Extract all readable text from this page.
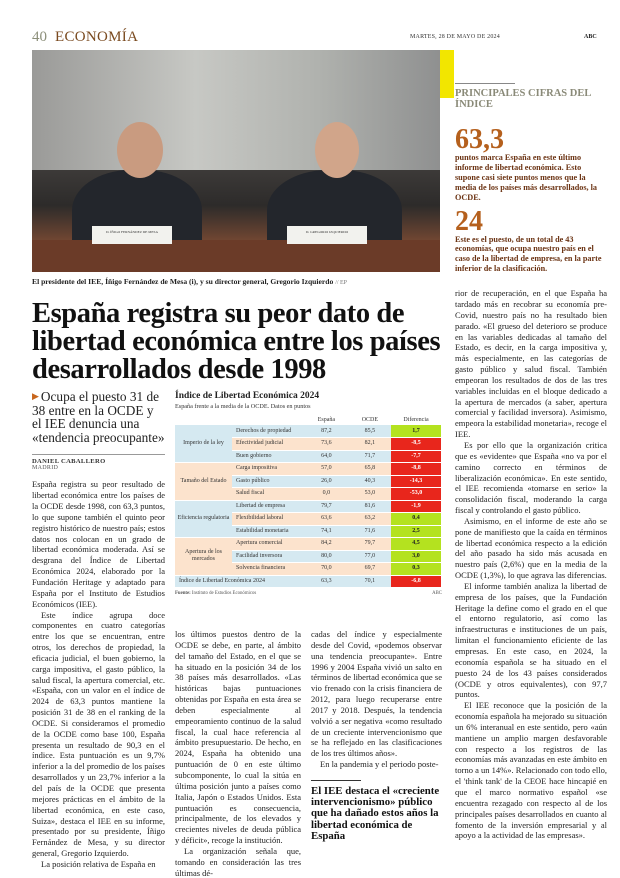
40 ECONOMÍA	MARTES, 28 DE MAYO DE 2024	ABC
D. ÍÑIGO FERNÁNDEZ DE MESA	D. GREGORIO IZQUIERDO
El presidente del IEE, Íñigo Fernández de Mesa (i), y su director general, Gregorio Izquierdo // EP
PRINCIPALES CIFRAS DEL ÍNDICE
63,3
puntos marca España en este último informe de libertad económica. Esto supone casi siete puntos menos que la media de los países más desarrollados, la OCDE.
24
Este es el puesto, de un total de 43 economías, que ocupa nuestro país en el caso de la libertad de empresa, en la parte inferior de la clasificación.

rior de recuperación, en el que España ha tardado más en recobrar su economía pre-Covid, nuestro país no ha resultado bien parado. «El grueso del deterioro se produce en las variables dedicadas al tamaño del Estado, es decir, en la carga impositiva y, más especialmente, en las categorías de gasto público y salud fiscal. También empeoran los resultados de dos de las tres variables incluidas en el bloque dedicado a la apertura de mercados (a saber, apertura comercial y facilidad inversora). Asimismo, empeora la estabilidad monetaria», recoge el IEE.

Es por ello que la organización critica que es «evidente» que España «no va por el camino correcto en términos de liberalización económica». En este sentido, el IEE recomienda «tomarse en serio» la consolidación fiscal, moderando la carga fiscal y controlando el gasto público.

Asimismo, en el informe de este año se pone de manifiesto que la caída en términos de libertad económica respecto a la edición del año pasado ha sido más acusada en nuestro país (2,6%) que en la media de la OCDE (1,3%), lo que agrava las diferencias.

El informe también analiza la libertad de empresa de los países, que la Fundación Heritage la define como el grado en el que el entorno regulatorio, así como las infraestructuras e instituciones de un país, limitan el funcionamiento eficiente de las empresas. En este caso, en 2024, la economía española se ha situado en el puesto 24 de los 43 países considerados (OCDE y otros equivalentes), con 97,7 puntos.

El IEE reconoce que la posición de la economía española ha mejorado su situación un 6% interanual en este sentido, pero «aún mantiene un amplio margen desfavorable con respecto a los registros de las economías más avanzadas en este ámbito en torno a un 14%». Relacionado con todo ello, el 'think tank' de la CEOE hace hincapié en que el marco normativo español «se encuentra rezagado con respecto al de los principales países desarrollados en cuanto al fomento de la inversión empresarial y al apoyo a la actividad de las empresas».

España registra su peor dato de libertad económica entre los países desarrollados desde 1998
▶ Ocupa el puesto 31 de 38 entre en la OCDE y el IEE denuncia una «tendencia preocupante»
DANIEL CABALLERO
MADRID

España registra su peor resultado de libertad económica entre los países de la OCDE desde 1998, con 63,3 puntos, lo que supone también el quinto peor registro histórico de nuestro país; estos datos nos colocan en un grado de libertad económica moderada. Así se desgrana del Índice de Libertad Económica 2024, elaborado por la Fundación Heritage y adaptado para España por el Instituto de Estudios Económicos (IEE).

Este índice agrupa doce componentes en cuatro categorías entre los que se encuentran, entre otros, los derechos de propiedad, la eficacia judicial, el buen gobierno, la carga impositiva, el gasto público, la salud fiscal, la apertura comercial, etc. «España, con un valor en el índice de 2024 de 63,3 puntos mantiene la posición 31 de 38 en el ranking de la OCDE. Si consideramos el promedio de la OCDE como base 100, España presenta un resultado de 90,3 en el índice. Esta puntuación es un 9,7% inferior a la del promedio de los países desarrollados y un 23,7% inferior a la del país de la OCDE que presenta mejores prácticas en el ámbito de la libertad económica, en este caso, Suiza», destaca el IEE en su informe, presentado por su presidente, Íñigo Fernández de Mesa, y su director general, Gregorio Izquierdo.

La posición relativa de España en

Índice de Libertad Económica 2024
España frente a la media de la OCDE. Datos en puntos
		España	OCDE	Diferencia
Imperio de la ley	Derechos de propiedad	87,2	85,5	1,7
	Efectividad judicial	73,6	82,1	-8,5
	Buen gobierno	64,0	71,7	-7,7
Tamaño del Estado	Carga impositiva	57,0	65,8	-8,8
	Gasto público	26,0	40,3	-14,3
	Salud fiscal	0,0	53,0	-53,0
Eficiencia regulatoria	Libertad de empresa	79,7	81,6	-1,9
	Flexibilidad laboral	63,6	63,2	0,4
	Estabilidad monetaria	74,1	71,6	2,5
Apertura de los mercados	Apertura comercial	84,2	79,7	4,5
	Facilidad inversora	80,0	77,0	3,0
	Solvencia financiera	70,0	69,7	0,3
Índice de Libertad Económica 2024		63,3	70,1	-6,8
Fuente: Instituto de Estudios Económicos	ABC

los últimos puestos dentro de la OCDE se debe, en parte, al ámbito del tamaño del Estado, en el que se ha situado en la posición 34 de los 38 países más desarrollados. «Las históricas bajas puntuaciones obtenidas por España en esta área se deben especialmente al empeoramiento continuo de la salud fiscal, la cual hace referencia al ámbito presupuestario. De hecho, en 2024, España ha obtenido una puntuación de 0 en este último subcomponente, lo cual la sitúa en última posición junto a países como Italia, Japón o Estados Unidos. Esta puntuación es consecuencia, principalmente, de los elevados y crecientes niveles de deuda pública y déficit», recoge la institución.

La organización señala que, tomando en consideración las tres últimas dé-

cadas del índice y especialmente desde del Covid, «podemos observar una tendencia preocupante». Entre 1996 y 2004 España vivió un salto en términos de libertad económica que se vio frenado con la crisis financiera de 2012, para luego recuperarse entre 2017 y 2018. Después, la tendencia volvió a ser negativa «como resultado de un creciente intervencionismo que se ha reflejado en las clasificaciones de los tres últimos años».

En la pandemia y el periodo poste-

El IEE destaca el «creciente intervencionismo» público que ha dañado estos años la libertad económica de España
